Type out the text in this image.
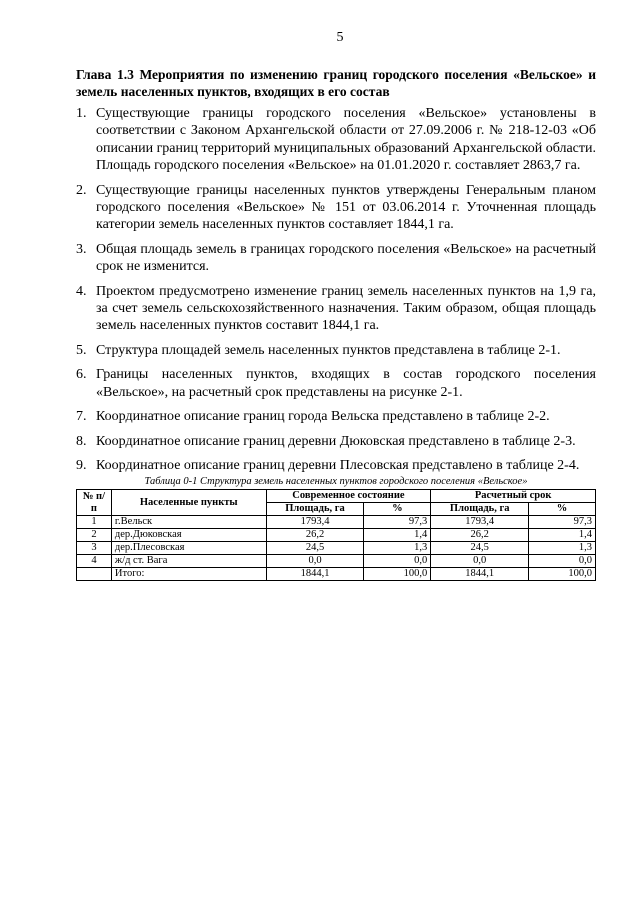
5
Глава 1.3 Мероприятия по изменению границ городского поселения «Вельское» и земель населенных пунктов, входящих в его состав
1. Существующие границы городского поселения «Вельское» установлены в соответствии с Законом Архангельской области от 27.09.2006 г. № 218-12-03 «Об описании границ территорий муниципальных образований Архангельской области. Площадь городского поселения «Вельское» на 01.01.2020 г. составляет 2863,7 га.
2. Существующие границы населенных пунктов утверждены Генеральным планом городского поселения «Вельское» № 151 от 03.06.2014 г. Уточненная площадь категории земель населенных пунктов составляет 1844,1 га.
3. Общая площадь земель в границах городского поселения «Вельское» на расчетный срок не изменится.
4. Проектом предусмотрено изменение границ земель населенных пунктов на 1,9 га, за счет земель сельскохозяйственного назначения. Таким образом, общая площадь земель населенных пунктов составит 1844,1 га.
5. Структура площадей земель населенных пунктов представлена в таблице 2-1.
6. Границы населенных пунктов, входящих в состав городского поселения «Вельское», на расчетный срок представлены на рисунке 2-1.
7. Координатное описание границ города Вельска представлено в таблице 2-2.
8. Координатное описание границ деревни Дюковская представлено в таблице 2-3.
9. Координатное описание границ деревни Плесовская представлено в таблице 2-4.
Таблица 0-1 Структура земель населенных пунктов городского поселения «Вельское»
№ п/п	Населенные пункты	Современное состояние		Расчетный срок	
		Площадь, га	%	Площадь, га	%
1	г.Вельск	1793,4	97,3	1793,4	97,3
2	дер.Дюковская	26,2	1,4	26,2	1,4
3	дер.Плесовская	24,5	1,3	24,5	1,3
4	ж/д ст. Вага	0,0	0,0	0,0	0,0
	Итого:	1844,1	100,0	1844,1	100,0
